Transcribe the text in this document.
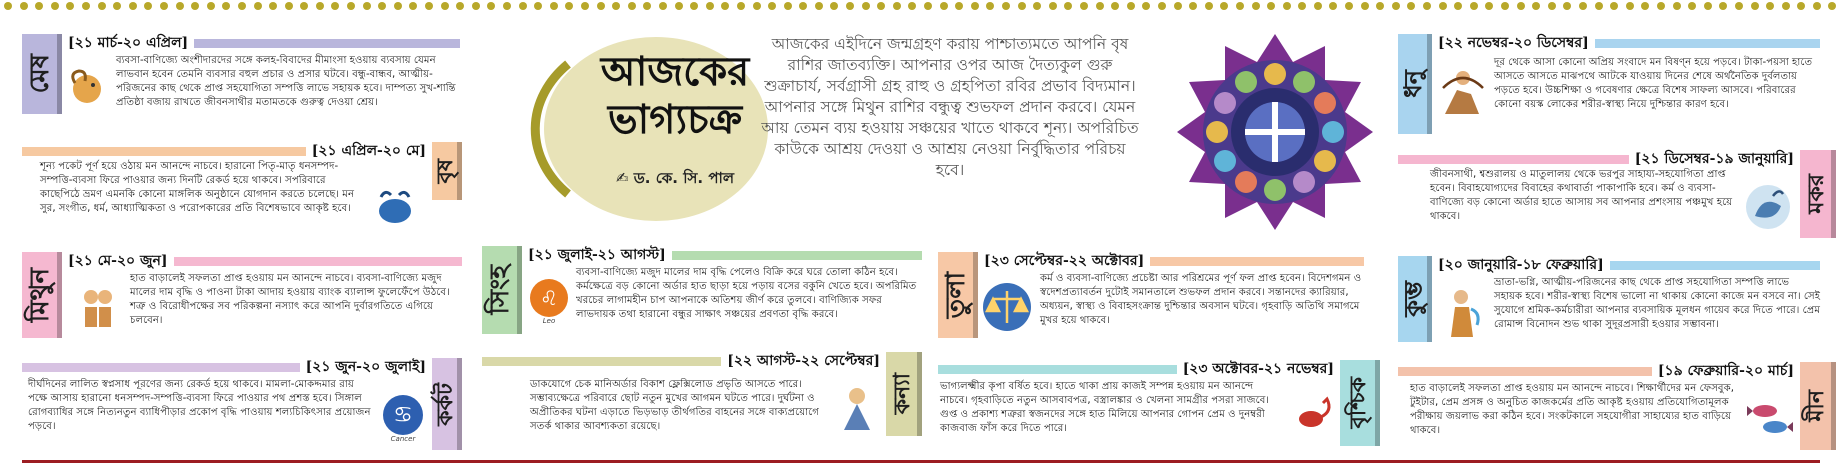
আজকের ভাগ্যচক্র
✍ ড. কে. সি. পাল
আজকের এইদিনে জন্মগ্রহণ করায় পাশ্চাত্যমতে আপনি বৃষ রাশির জাতব্যক্তি। আপনার ওপর আজ দৈত্যকুল গুরু শুক্রাচার্য, সর্বগ্রাসী গ্রহ রাহু ও গ্রহপিতা রবির প্রভাব বিদ্যমান। আপনার সঙ্গে মিথুন রাশির বন্ধুত্ব শুভফল প্রদান করবে। যেমন আয় তেমন ব্যয় হওয়ায় সঞ্চয়ের খাতে থাকবে শূন্য। অপরিচিত কাউকে আশ্রয় দেওয়া ও আশ্রয় নেওয়া নির্বুদ্ধিতার পরিচয় হবে।
মেষ
[২১ মার্চ-২০ এপ্রিল]
ব্যবসা-বাণিজ্যে অংশীদারদের সঙ্গে কলহ-বিবাদের মীমাংসা হওয়ায় ব্যবসায় যেমন লাভবান হবেন তেমনি ব্যবসার বহুল প্রচার ও প্রসার ঘটবে। বন্ধু-বান্ধব, আত্মীয়-পরিজনের কাছ থেকে প্রাপ্ত সহযোগিতা সম্পত্তি লাভে সহায়ক হবে। দাম্পত্য সুখ-শান্তি প্রতিষ্ঠা বজায় রাখতে জীবনসাথীর মতামতকে গুরুত্ব দেওয়া শ্রেয়।
[২১ এপ্রিল-২০ মে]
বৃষ
শূন্য পকেট পূর্ণ হয়ে ওঠায় মন আনন্দে নাচবে। হারানো পিতৃ-মাতৃ ধনসম্পদ-সম্পত্তি-ব্যবসা ফিরে পাওয়ার জন্য দিনটি রেকর্ড হয়ে থাকবে। সপরিবারে কাছেপিঠে ভ্রমণ এমনকি কোনো মাঙ্গলিক অনুষ্ঠানে যোগদান করতে চলেছে। মন সুর, সংগীত, ধর্ম, আধ্যাত্মিকতা ও পরোপকারের প্রতি বিশেষভাবে আকৃষ্ট হবে।
মিথুন
[২১ মে-২০ জুন]
হাত বাড়ালেই সফলতা প্রাপ্ত হওয়ায় মন আনন্দে নাচবে। ব্যবসা-বাণিজ্যে মজুদ মালের দাম বৃদ্ধি ও পাওনা টাকা আদায় হওয়ায় ব্যাংক ব্যালান্স ফুলেফেঁপে উঠবে। শত্রু ও বিরোধীপক্ষের সব পরিকল্পনা নস্যাৎ করে আপনি দুর্বারগতিতে এগিয়ে চলবেন।
[২১ জুন-২০ জুলাই]
কর্কট
♋
Cancer
দীর্ঘদিনের লালিত স্বপ্নসাধ পূরণের জন্য রেকর্ড হয়ে থাকবে। মামলা-মোকদ্দমার রায় পক্ষে আসায় হারানো ধনসম্পদ-সম্পত্তি-ব্যবসা ফিরে পাওয়ার পথ প্রশস্ত হবে। সিঙ্গাল রোগব্যাধির সঙ্গে নিত্যনতুন ব্যাধিপীড়ার প্রকোপ বৃদ্ধি পাওয়ায় শল্যচিকিৎসার প্রয়োজন পড়বে।
সিংহ
[২১ জুলাই-২১ আগস্ট]
♌
Leo
ব্যবসা-বাণিজ্যে মজুদ মালের দাম বৃদ্ধি পেলেও বিক্রি করে ঘরে তোলা কঠিন হবে। কর্মক্ষেত্রে বড় কোনো অর্ডার হাত ছাড়া হয়ে পড়ায় বসের বকুনি খেতে হবে। অপরিমিত খরচের লাগামহীন চাপ আপনাকে অতিশয় জীর্ণ করে তুলবে। বাণিজ্যিক সফর লাভদায়ক তথা হারানো বন্ধুর সাক্ষাৎ সঞ্চয়ের প্রবণতা বৃদ্ধি করবে।
[২২ আগস্ট-২২ সেপ্টেম্বর]
কন্যা
ডাকযোগে চেক মানিঅর্ডার বিকাশ ফ্লেক্সিলোড প্রভৃতি আসতে পারে। সম্ভাব্যক্ষেত্রে পরিবারে ছোট নতুন মুখের আগমন ঘটতে পারে। দুর্ঘটনা ও অপ্রীতিকর ঘটনা এড়াতে ভিড়ভাড় তীর্থগতির বাহনের সঙ্গে বাক্যপ্রয়োগে সতর্ক থাকার আবশ্যকতা রয়েছে।
তুলা
[২৩ সেপ্টেম্বর-২২ অক্টোবর]
কর্ম ও ব্যবসা-বাণিজ্যে প্রচেষ্টা আর পরিশ্রমের পূর্ণ ফল প্রাপ্ত হবেন। বিদেশগমন ও স্বদেশপ্রত্যাবর্তন দুটোই সমানতালে শুভফল প্রদান করবে। সন্তানদের ক্যারিয়ার, অধ্যয়ন, স্বাস্থ্য ও বিবাহসংক্রান্ত দুশ্চিন্তার অবসান ঘটবে। গৃহবাড়ি অতিথি সমাগমে মুখর হয়ে থাকবে।
[২৩ অক্টোবর-২১ নভেম্বর]
বৃশ্চিক
ভাগ্যলক্ষ্মীর কৃপা বর্ষিত হবে। হাতে থাকা প্রায় কাজই সম্পন্ন হওয়ায় মন আনন্দে নাচবে। গৃহবাড়িতে নতুন আসবাবপত্র, বস্ত্রালঙ্কার ও খেলনা সামগ্রীর পসরা সাজবে। গুপ্ত ও প্রকাশ্য শত্রুরা স্বজনদের সঙ্গে হাত মিলিয়ে আপনার গোপন প্রেম ও দুনম্বরী কাজবাজ ফাঁস করে দিতে পারে।
ধনু
[২২ নভেম্বর-২০ ডিসেম্বর]
দূর থেকে আসা কোনো অপ্রিয় সংবাদে মন বিষণ্ন হয়ে পড়বে। টাকা-পয়সা হাতে আসতে আসতে মাঝপথে আটকে যাওয়ায় দিনের শেষে অর্থনৈতিক দুর্বলতায় পড়তে হবে। উচ্চশিক্ষা ও গবেষণার ক্ষেত্রে বিশেষ সাফল্য আসবে। পরিবারের কোনো বয়স্ক লোকের শরীর-স্বাস্থ্য নিয়ে দুশ্চিন্তার কারণ হবে।
[২১ ডিসেম্বর-১৯ জানুয়ারি]
মকর
জীবনসাথী, শ্বশুরালয় ও মাতুলালয় থেকে ভরপুর সাহায্য-সহযোগিতা প্রাপ্ত হবেন। বিবাহযোগ্যদের বিবাহের কথাবার্তা পাকাপাকি হবে। কর্ম ও ব্যবসা-বাণিজ্যে বড় কোনো অর্ডার হাতে আসায় সব আপনার প্রশংসায় পঞ্চমুখ হয়ে থাকবে।
কুম্ভ
[২০ জানুয়ারি-১৮ ফেব্রুয়ারি]
ভ্রাতা-ভগ্নি, আত্মীয়-পরিজনের কাছ থেকে প্রাপ্ত সহযোগিতা সম্পত্তি লাভে সহায়ক হবে। শরীর-স্বাস্থ্য বিশেষ ভালো না থাকায় কোনো কাজে মন বসবে না। সেই সুযোগে শ্রমিক-কর্মচারীরা আপনার ব্যবসায়িক মূলধন গায়েব করে দিতে পারে। প্রেম রোমান্স বিনোদন শুভ থাকা সুদূরপ্রসারী হওয়ার সম্ভাবনা।
[১৯ ফেব্রুয়ারি-২০ মার্চ]
মীন
হাত বাড়ালেই সফলতা প্রাপ্ত হওয়ায় মন আনন্দে নাচবে। শিক্ষার্থীদের মন ফেসবুক, টুইটার, প্রেম প্রসঙ্গ ও অনুচিত কাজকর্মের প্রতি আকৃষ্ট হওয়ায় প্রতিযোগিতামূলক পরীক্ষায় জয়লাভ করা কঠিন হবে। সংকটকালে সহযোগীরা সাহায্যের হাত বাড়িয়ে থাকবে।
